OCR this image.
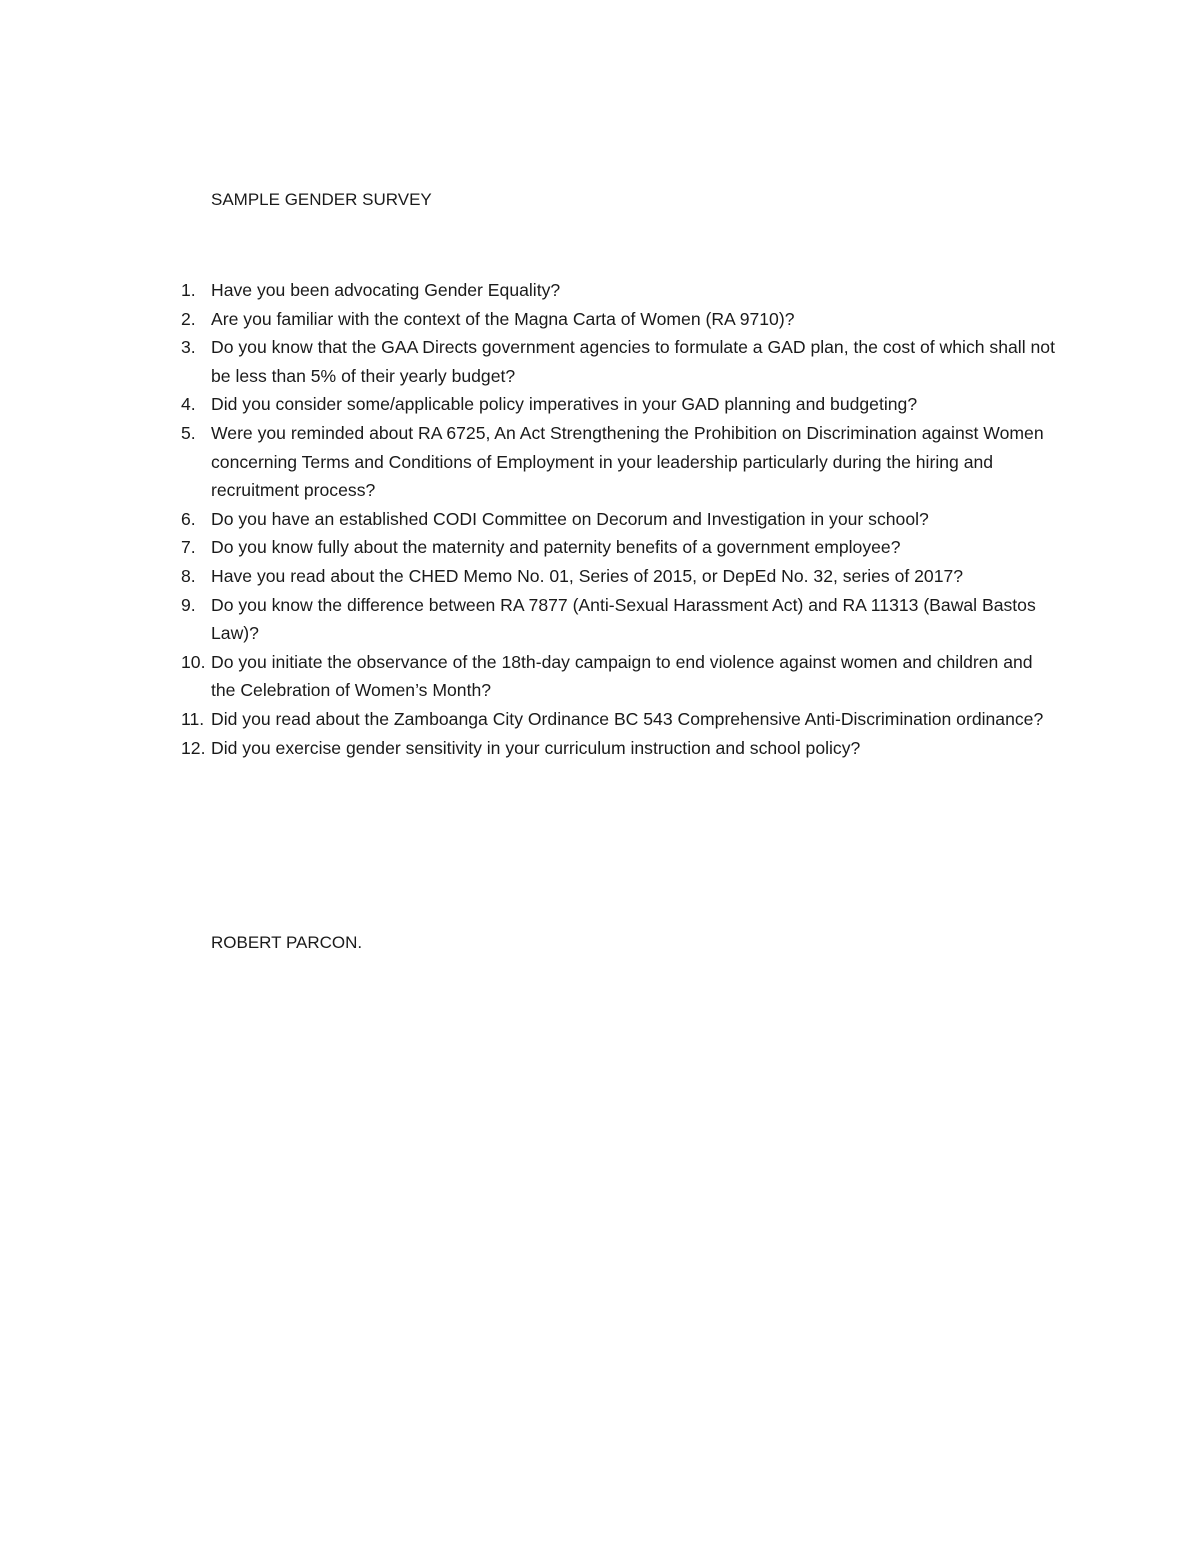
SAMPLE GENDER SURVEY
1. Have you been advocating Gender Equality?
2. Are you familiar with the context of the Magna Carta of Women (RA 9710)?
3. Do you know that the GAA Directs government agencies to formulate a GAD plan, the cost of which shall not be less than 5% of their yearly budget?
4. Did you consider some/applicable policy imperatives in your GAD planning and budgeting?
5. Were you reminded about RA 6725, An Act Strengthening the Prohibition on Discrimination against Women concerning Terms and Conditions of Employment in your leadership particularly during the hiring and recruitment process?
6. Do you have an established CODI Committee on Decorum and Investigation in your school?
7. Do you know fully about the maternity and paternity benefits of a government employee?
8. Have you read about the CHED Memo No. 01, Series of 2015, or DepEd No. 32, series of 2017?
9. Do you know the difference between RA 7877 (Anti-Sexual Harassment Act) and RA 11313 (Bawal Bastos Law)?
10. Do you initiate the observance of the 18th-day campaign to end violence against women and children and the Celebration of Women’s Month?
11. Did you read about the Zamboanga City Ordinance BC 543 Comprehensive Anti-Discrimination ordinance?
12. Did you exercise gender sensitivity in your curriculum instruction and school policy?
ROBERT PARCON.
